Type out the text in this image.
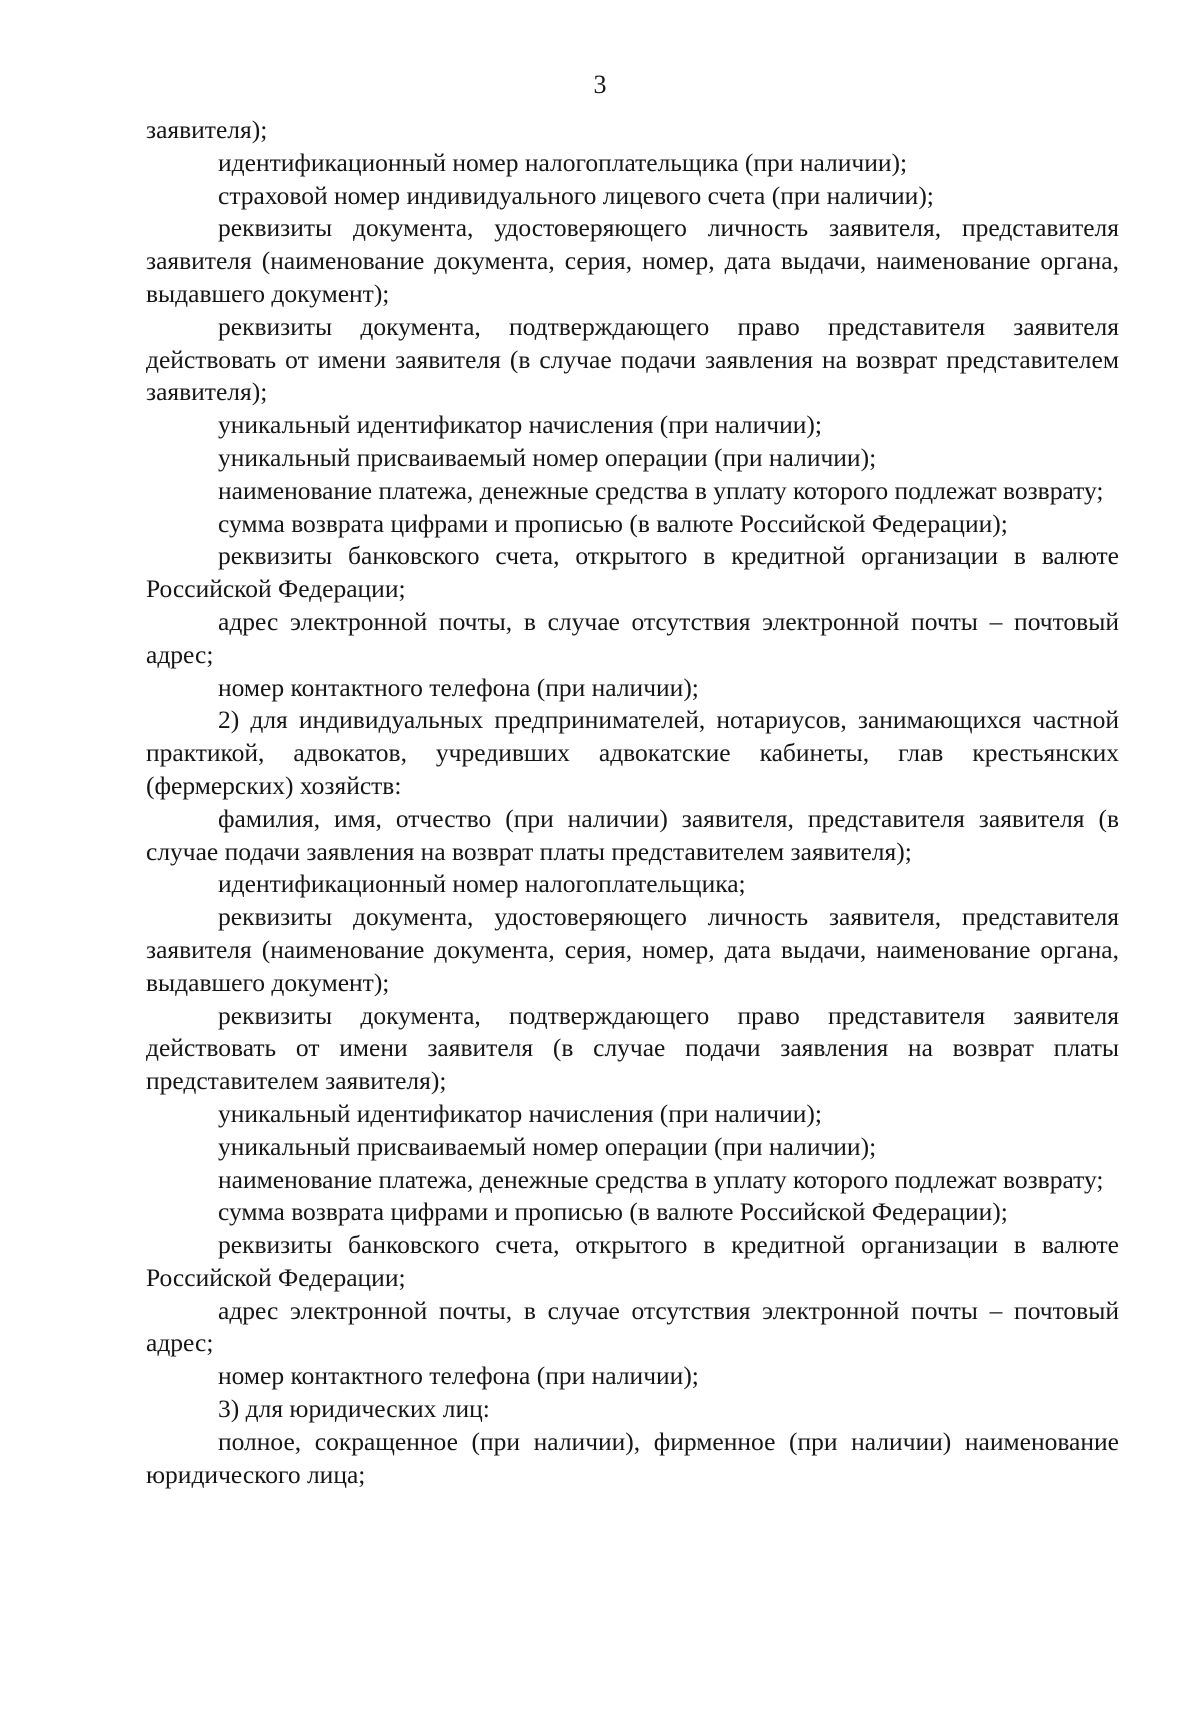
3

заявителя);

идентификационный номер налогоплательщика (при наличии);

страховой номер индивидуального лицевого счета (при наличии);

реквизиты документа, удостоверяющего личность заявителя, представителя заявителя (наименование документа, серия, номер, дата выдачи, наименование органа, выдавшего документ);

реквизиты документа, подтверждающего право представителя заявителя действовать от имени заявителя (в случае подачи заявления на возврат представителем заявителя);

уникальный идентификатор начисления (при наличии);

уникальный присваиваемый номер операции (при наличии);

наименование платежа, денежные средства в уплату которого подлежат возврату;

сумма возврата цифрами и прописью (в валюте Российской Федерации);

реквизиты банковского счета, открытого в кредитной организации в валюте Российской Федерации;

адрес электронной почты, в случае отсутствия электронной почты – почтовый адрес;

номер контактного телефона (при наличии);

2) для индивидуальных предпринимателей, нотариусов, занимающихся частной практикой, адвокатов, учредивших адвокатские кабинеты, глав крестьянских (фермерских) хозяйств:

фамилия, имя, отчество (при наличии) заявителя, представителя заявителя (в случае подачи заявления на возврат платы представителем заявителя);

идентификационный номер налогоплательщика;

реквизиты документа, удостоверяющего личность заявителя, представителя заявителя (наименование документа, серия, номер, дата выдачи, наименование органа, выдавшего документ);

реквизиты документа, подтверждающего право представителя заявителя действовать от имени заявителя (в случае подачи заявления на возврат платы представителем заявителя);

уникальный идентификатор начисления (при наличии);

уникальный присваиваемый номер операции (при наличии);

наименование платежа, денежные средства в уплату которого подлежат возврату;

сумма возврата цифрами и прописью (в валюте Российской Федерации);

реквизиты банковского счета, открытого в кредитной организации в валюте Российской Федерации;

адрес электронной почты, в случае отсутствия электронной почты – почтовый адрес;

номер контактного телефона (при наличии);

3) для юридических лиц:

полное, сокращенное (при наличии), фирменное (при наличии) наименование юридического лица;
